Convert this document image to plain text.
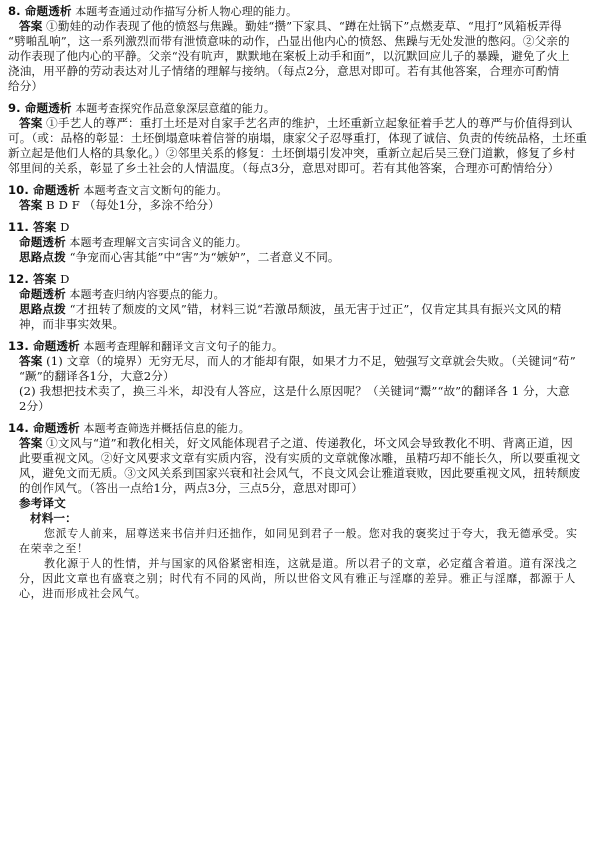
8. 命题透析 本题考查通过动作描写分析人物心理的能力。
答案 ①勤娃的动作表现了他的愤怒与焦躁。勤娃“攒”下家具、“蹲在灶锅下”点燃麦草、“甩打”风箱板弄得
“劈啪乱响”，这一系列激烈而带有泄愤意味的动作，凸显出他内心的愤怒、焦躁与无处发泄的憋闷。②父亲的
动作表现了他内心的平静。父亲“没有吭声，默默地在案板上动手和面”，以沉默回应儿子的暴躁，避免了火上
浇油，用平静的劳动表达对儿子情绪的理解与接纳。（每点2分，意思对即可。若有其他答案，合理亦可酌情
给分）
9. 命题透析 本题考查探究作品意象深层意蕴的能力。
答案 ①手艺人的尊严：重打土坯是对自家手艺名声的维护，土坯重新立起象征着手艺人的尊严与价值得到认
可。（或：品格的彰显：土坯倒塌意味着信誉的崩塌，康家父子忍辱重打，体现了诚信、负责的传统品格，土坯重
新立起是他们人格的具象化。）②邻里关系的修复：土坯倒塌引发冲突，重新立起后吴三登门道歉，修复了乡村
邻里间的关系，彰显了乡土社会的人情温度。（每点3分，意思对即可。若有其他答案，合理亦可酌情给分）
10. 命题透析 本题考查文言文断句的能力。
答案 B D F （每处1分，多涂不给分）
11. 答案 D
命题透析 本题考查理解文言实词含义的能力。
思路点拨 “争宠而心害其能”中“害”为“嫉妒”，二者意义不同。
12. 答案 D
命题透析 本题考查归纳内容要点的能力。
思路点拨 “才扭转了颓废的文风”错，材料三说“若激昂颓波，虽无害于过正”，仅肯定其具有振兴文风的精
神，而非事实效果。
13. 命题透析 本题考查理解和翻译文言文句子的能力。
答案 (1) 文章（的境界）无穷无尽，而人的才能却有限，如果才力不足，勉强写文章就会失败。（关键词“苟”
“蹶”的翻译各1分，大意2分）
(2) 我想把技术卖了，换三斗米，却没有人答应，这是什么原因呢？（关键词“鬻”“故”的翻译各 1 分，大意
2分）
14. 命题透析 本题考查筛选并概括信息的能力。
答案 ①文风与“道”和教化相关，好文风能体现君子之道、传递教化，坏文风会导致教化不明、背离正道，因
此要重视文风。②好文风要求文章有实质内容，没有实质的文章就像冰雕，虽精巧却不能长久，所以要重视文
风，避免文而无质。③文风关系到国家兴衰和社会风气，不良文风会让雅道衰败，因此要重视文风，扭转颓废
的创作风气。（答出一点给1分，两点3分，三点5分，意思对即可）
参考译文
材料一：
您派专人前来，屈尊送来书信并归还拙作，如同见到君子一般。您对我的褒奖过于夸大，我无德承受。实
在荣幸之至！
教化源于人的性情，并与国家的风俗紧密相连，这就是道。所以君子的文章，必定蕴含着道。道有深浅之
分，因此文章也有盛衰之别；时代有不同的风尚，所以世俗文风有雅正与淫靡的差异。雅正与淫靡，都源于人
心，进而形成社会风气。
